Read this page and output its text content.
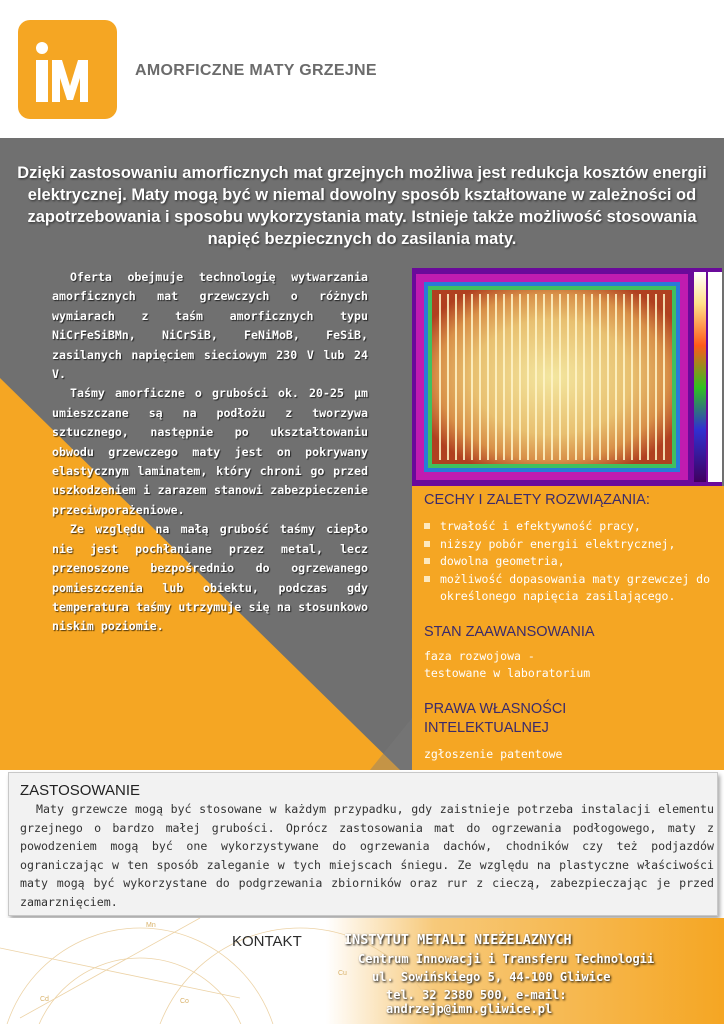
AMORFICZNE MATY GRZEJNE
Dzięki zastosowaniu amorficznych mat grzejnych możliwa jest redukcja kosztów energii elektrycznej. Maty mogą być w niemal dowolny sposób kształtowane w zależności od zapotrzebowania i sposobu wykorzystania maty. Istnieje także możliwość stosowania napięć bezpiecznych do zasilania maty.

Oferta obejmuje technologię wytwarzania amorficznych mat grzewczych o różnych wymiarach z taśm amorficznych typu NiCrFeSiBMn, NiCrSiB, FeNiMoB, FeSiB, zasilanych napięciem sieciowym 230 V lub 24 V.

Taśmy amorficzne o grubości ok. 20-25 µm umieszczane są na podłożu z tworzywa sztucznego, następnie po ukształtowaniu obwodu grzewczego maty jest on pokrywany elastycznym laminatem, który chroni go przed uszkodzeniem i zarazem stanowi zabezpieczenie przeciwporażeniowe.

Ze względu na małą grubość taśmy ciepło nie jest pochłaniane przez metal, lecz przenoszone bezpośrednio do ogrzewanego pomieszczenia lub obiektu, podczas gdy temperatura taśmy utrzymuje się na stosunkowo niskim poziomie.

CECHY I ZALETY ROZWIĄZANIA:
trwałość i efektywność pracy,
niższy pobór energii elektrycznej,
dowolna geometria,
możliwość dopasowania maty grzewczej do określonego napięcia zasilającego.
STAN ZAAWANSOWANIA
faza rozwojowa - testowane w laboratorium
PRAWA WŁASNOŚCI INTELEKTUALNEJ
zgłoszenie patentowe
ZASTOSOWANIE
Maty grzewcze mogą być stosowane w każdym przypadku, gdy zaistnieje potrzeba instalacji elementu grzejnego o bardzo małej grubości. Oprócz zastosowania mat do ogrzewania podłogowego, maty z powodzeniem mogą być one wykorzystywane do ogrzewania dachów, chodników czy też podjazdów ograniczając w ten sposób zaleganie w tych miejscach śniegu. Ze względu na plastyczne właściwości maty mogą być wykorzystane do podgrzewania zbiorników oraz rur z cieczą, zabezpieczając je przed zamarznięciem.
Mn
Cu
Cd	Co
KONTAKT	INSTYTUT METALI NIEŻELAZNYCH
Centrum Innowacji i Transferu Technologii
ul. Sowińskiego 5, 44-100 Gliwice
tel. 32 2380 500, e-mail: andrzejp@imn.gliwice.pl
